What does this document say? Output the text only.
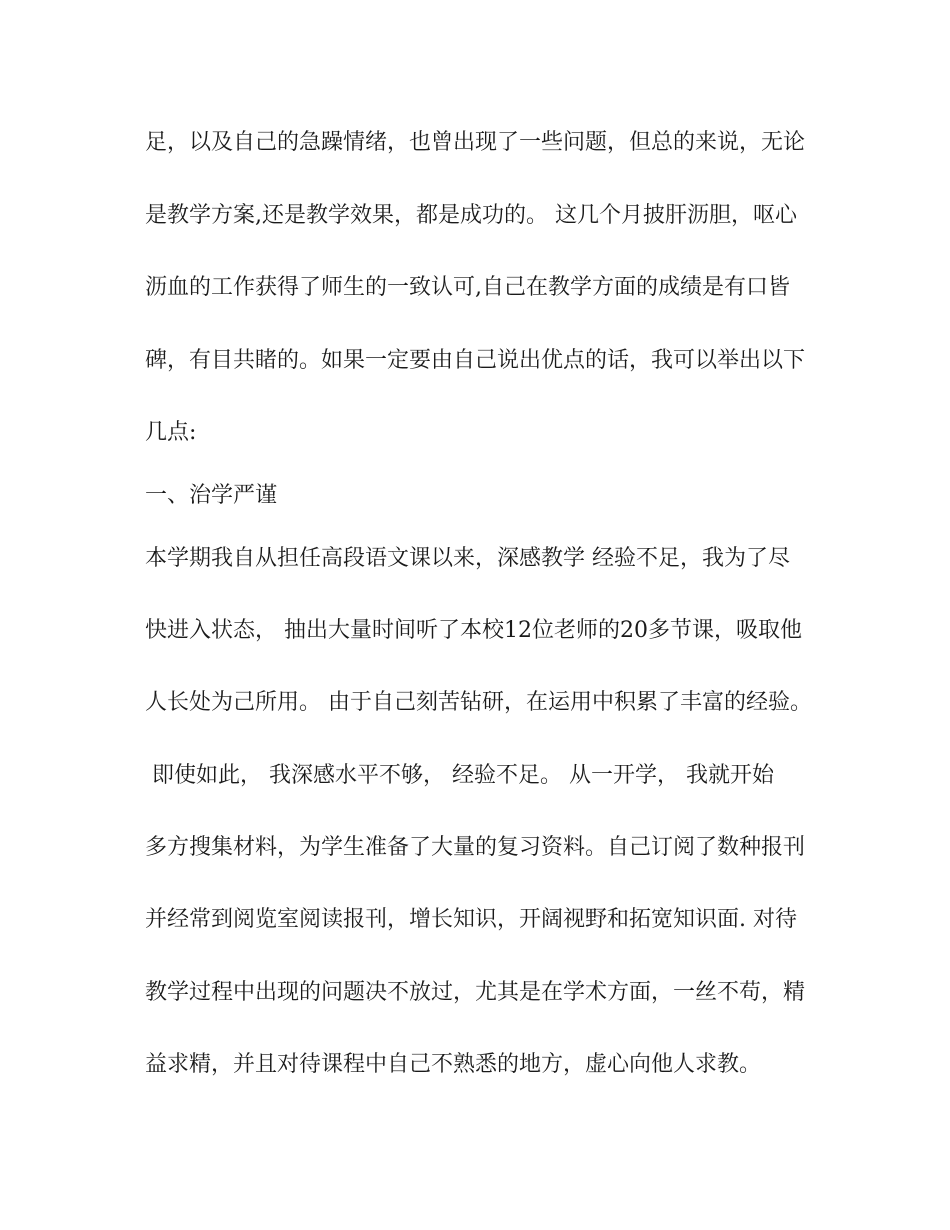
足，以及自己的急躁情绪，也曾出现了一些问题，但总的来说，无论
是教学方案,还是教学效果，都是成功的。 这几个月披肝沥胆，呕心
沥血的工作获得了师生的一致认可,自己在教学方面的成绩是有口皆
碑，有目共睹的。如果一定要由自己说出优点的话，我可以举出以下
几点:
一、治学严谨
本学期我自从担任高段语文课以来，深感教学 经验不足，我为了尽
快进入状态， 抽出大量时间听了本校12位老师的20多节课，吸取他
人长处为己所用。 由于自己刻苦钻研，在运用中积累了丰富的经验。
即使如此， 我深感水平不够， 经验不足。 从一开学， 我就开始
多方搜集材料，为学生准备了大量的复习资料。自己订阅了数种报刊
并经常到阅览室阅读报刊，增长知识，开阔视野和拓宽知识面. 对待
教学过程中出现的问题决不放过，尤其是在学术方面，一丝不苟，精
益求精，并且对待课程中自己不熟悉的地方，虚心向他人求教。
